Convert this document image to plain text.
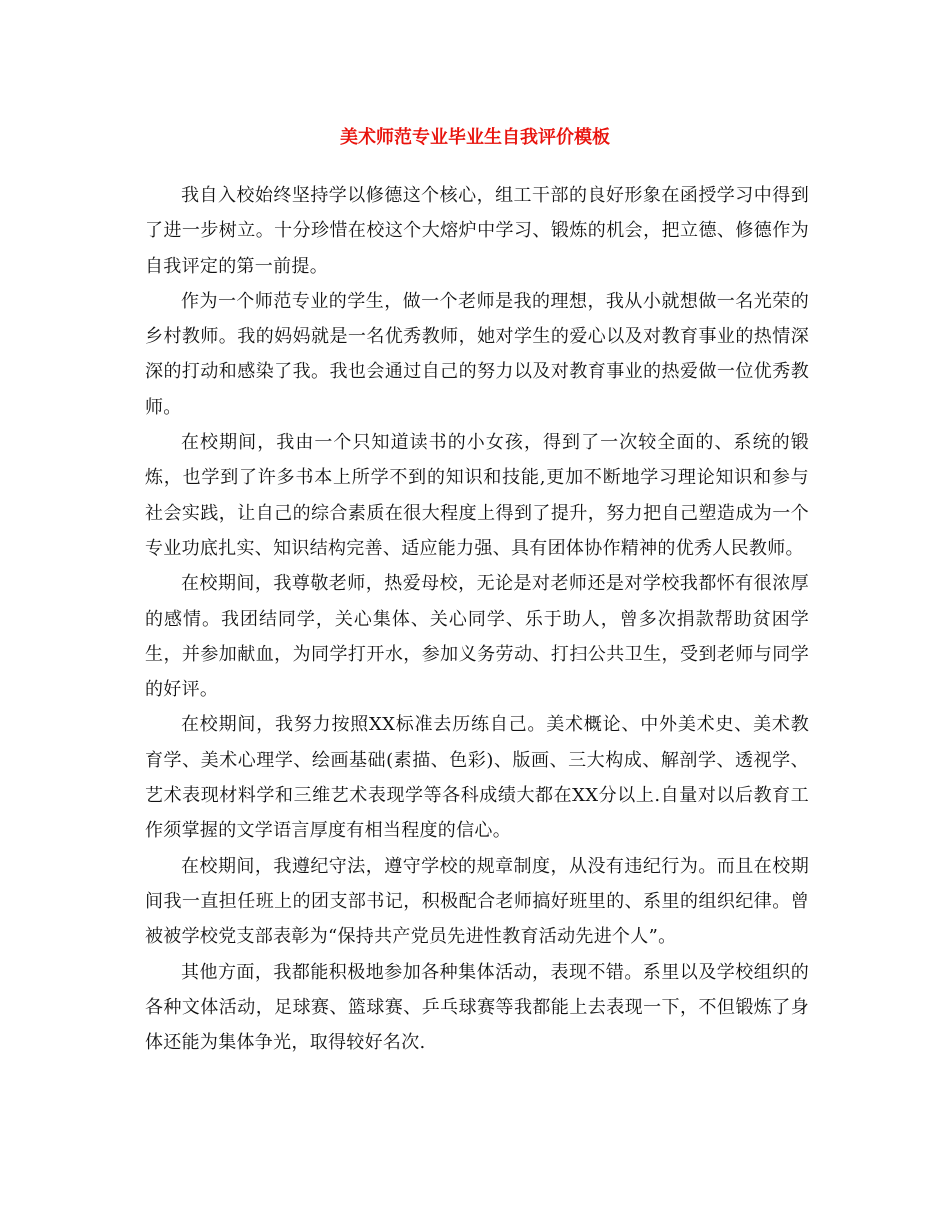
美术师范专业毕业生自我评价模板

我自入校始终坚持学以修德这个核心，组工干部的良好形象在函授学习中得到了进一步树立。十分珍惜在校这个大熔炉中学习、锻炼的机会，把立德、修德作为自我评定的第一前提。

作为一个师范专业的学生，做一个老师是我的理想，我从小就想做一名光荣的乡村教师。我的妈妈就是一名优秀教师，她对学生的爱心以及对教育事业的热情深深的打动和感染了我。我也会通过自己的努力以及对教育事业的热爱做一位优秀教师。

在校期间，我由一个只知道读书的小女孩，得到了一次较全面的、系统的锻炼，也学到了许多书本上所学不到的知识和技能,更加不断地学习理论知识和参与社会实践，让自己的综合素质在很大程度上得到了提升，努力把自己塑造成为一个专业功底扎实、知识结构完善、适应能力强、具有团体协作精神的优秀人民教师。

在校期间，我尊敬老师，热爱母校，无论是对老师还是对学校我都怀有很浓厚的感情。我团结同学，关心集体、关心同学、乐于助人，曾多次捐款帮助贫困学生，并参加献血，为同学打开水，参加义务劳动、打扫公共卫生，受到老师与同学的好评。

在校期间，我努力按照XX标准去历练自己。美术概论、中外美术史、美术教育学、美术心理学、绘画基础(素描、色彩)、版画、三大构成、解剖学、透视学、艺术表现材料学和三维艺术表现学等各科成绩大都在XX分以上.自量对以后教育工作须掌握的文学语言厚度有相当程度的信心。

在校期间，我遵纪守法，遵守学校的规章制度，从没有违纪行为。而且在校期间我一直担任班上的团支部书记，积极配合老师搞好班里的、系里的组织纪律。曾被被学校党支部表彰为“保持共产党员先进性教育活动先进个人”。

其他方面，我都能积极地参加各种集体活动，表现不错。系里以及学校组织的各种文体活动，足球赛、篮球赛、乒乓球赛等我都能上去表现一下，不但锻炼了身体还能为集体争光，取得较好名次.
